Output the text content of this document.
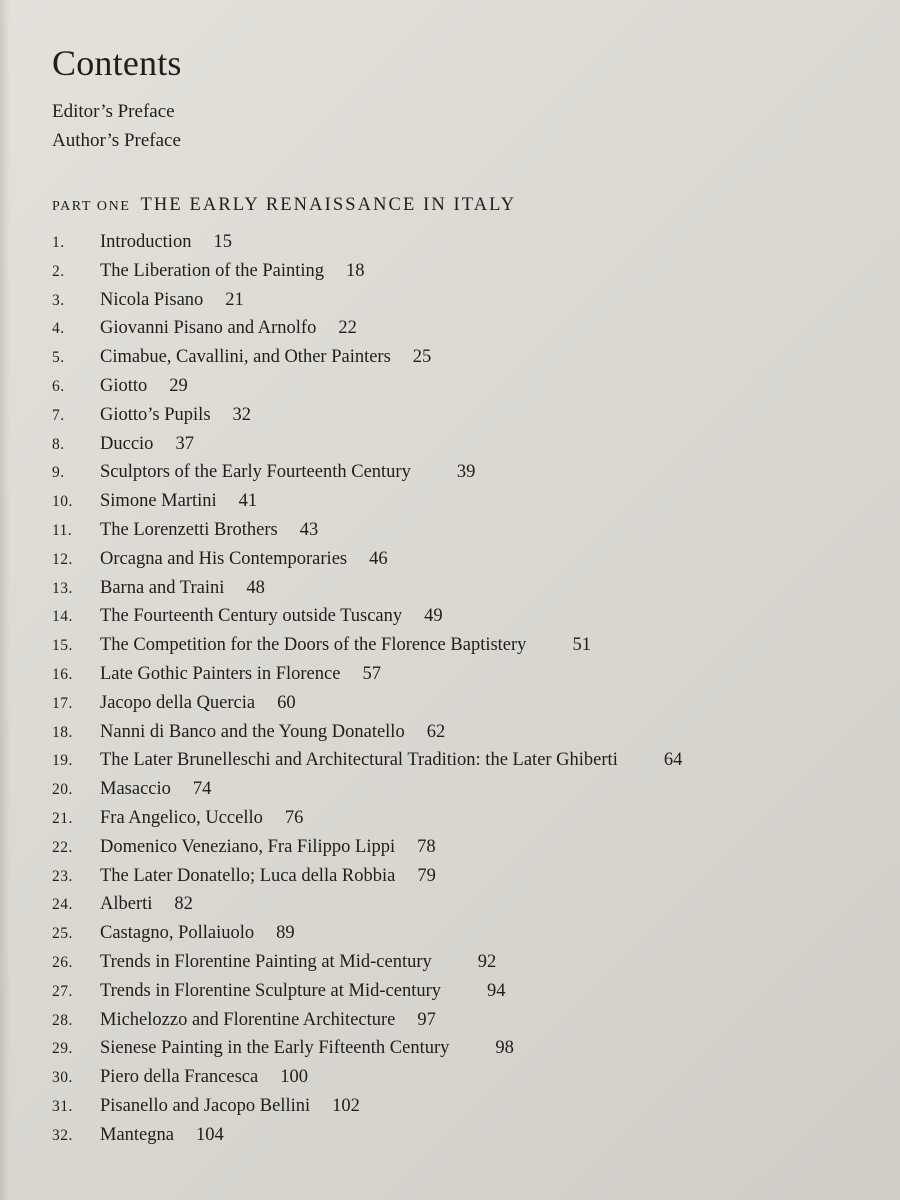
Contents
Editor’s Preface
Author’s Preface
PART ONE THE EARLY RENAISSANCE IN ITALY
1. Introduction 15
2. The Liberation of the Painting 18
3. Nicola Pisano 21
4. Giovanni Pisano and Arnolfo 22
5. Cimabue, Cavallini, and Other Painters 25
6. Giotto 29
7. Giotto’s Pupils 32
8. Duccio 37
9. Sculptors of the Early Fourteenth Century 39
10. Simone Martini 41
11. The Lorenzetti Brothers 43
12. Orcagna and His Contemporaries 46
13. Barna and Traini 48
14. The Fourteenth Century outside Tuscany 49
15. The Competition for the Doors of the Florence Baptistery 51
16. Late Gothic Painters in Florence 57
17. Jacopo della Quercia 60
18. Nanni di Banco and the Young Donatello 62
19. The Later Brunelleschi and Architectural Tradition: the Later Ghiberti 64
20. Masaccio 74
21. Fra Angelico, Uccello 76
22. Domenico Veneziano, Fra Filippo Lippi 78
23. The Later Donatello; Luca della Robbia 79
24. Alberti 82
25. Castagno, Pollaiuolo 89
26. Trends in Florentine Painting at Mid-century 92
27. Trends in Florentine Sculpture at Mid-century 94
28. Michelozzo and Florentine Architecture 97
29. Sienese Painting in the Early Fifteenth Century 98
30. Piero della Francesca 100
31. Pisanello and Jacopo Bellini 102
32. Mantegna 104
